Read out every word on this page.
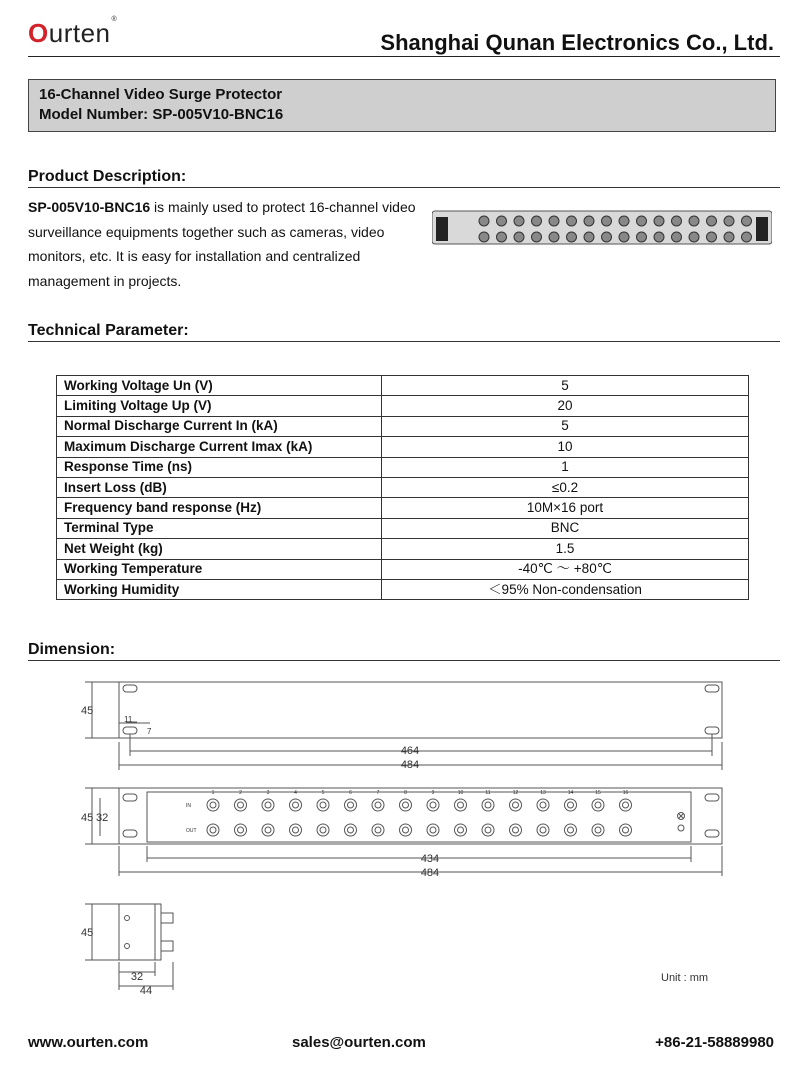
Ourten®
Shanghai Qunan Electronics Co., Ltd.
16-Channel Video Surge Protector
Model Number: SP-005V10-BNC16
Product Description:
SP-005V10-BNC16 is mainly used to protect 16-channel video surveillance equipments together such as cameras, video monitors, etc. It is easy for installation and centralized management in projects.
Technical Parameter:
Working Voltage Un (V)	5
Limiting Voltage Up (V)	20
Normal Discharge Current In (kA)	5
Maximum Discharge Current Imax (kA)	10
Response Time (ns)	1
Insert Loss (dB)	≤0.2
Frequency band response (Hz)	10M×16 port
Terminal Type	BNC
Net Weight (kg)	1.5
Working Temperature	-40℃ ～ +80℃
Working Humidity	＜95% Non-condensation
Dimension:
45
11
7
464
484
1	2	3	4	5	6	7	8	9	10	11	12	13	14	15	16
45 32
IN
OUT
434
484
45
32
44
Unit : mm
www.ourten.com	sales@ourten.com	+86-21-58889980
